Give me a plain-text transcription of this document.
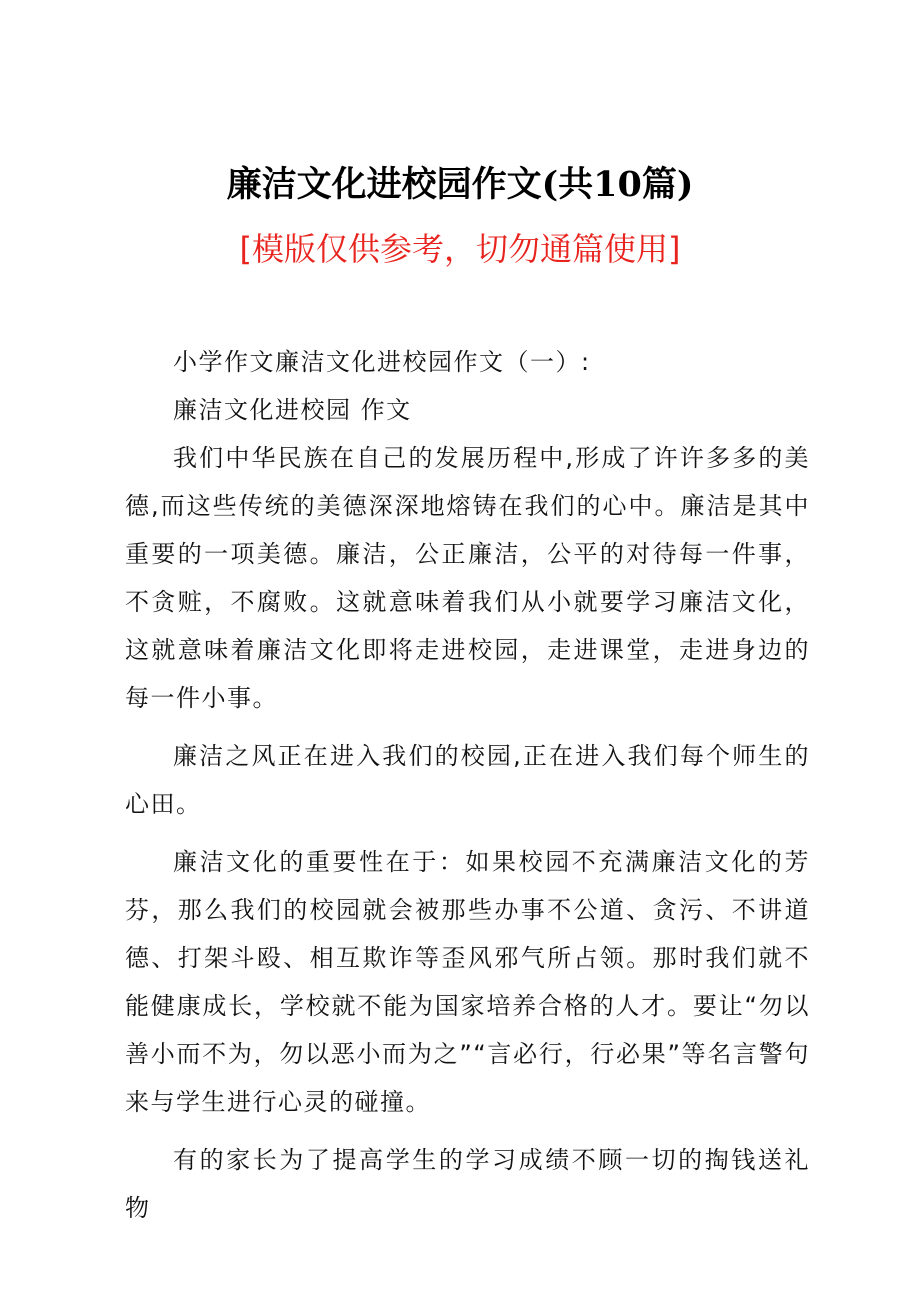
廉洁文化进校园作文(共10篇)
[模版仅供参考，切勿通篇使用]

小学作文廉洁文化进校园作文（一）:

廉洁文化进校园 作文

我们中华民族在自己的发展历程中,形成了许许多多的美德,而这些传统的美德深深地熔铸在我们的心中。廉洁是其中重要的一项美德。廉洁，公正廉洁，公平的对待每一件事，不贪赃，不腐败。这就意味着我们从小就要学习廉洁文化，这就意味着廉洁文化即将走进校园，走进课堂，走进身边的每一件小事。

廉洁之风正在进入我们的校园,正在进入我们每个师生的心田。

廉洁文化的重要性在于：如果校园不充满廉洁文化的芳芬，那么我们的校园就会被那些办事不公道、贪污、不讲道德、打架斗殴、相互欺诈等歪风邪气所占领。那时我们就不能健康成长，学校就不能为国家培养合格的人才。要让“勿以善小而不为，勿以恶小而为之”“言必行，行必果”等名言警句来与学生进行心灵的碰撞。

有的家长为了提高学生的学习成绩不顾一切的掏钱送礼物
